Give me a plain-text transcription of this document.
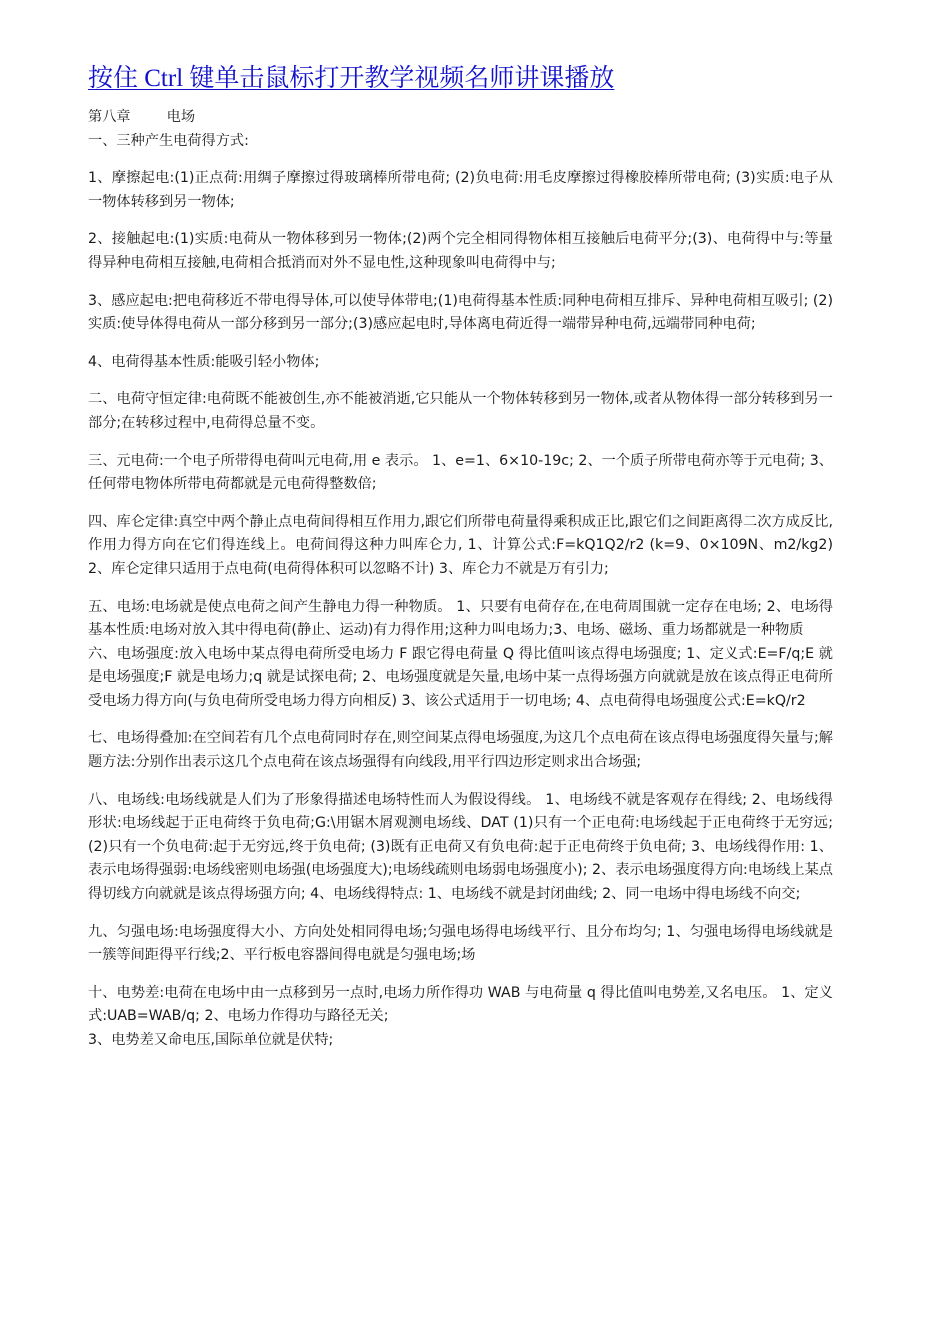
按住 Ctrl 键单击鼠标打开教学视频名师讲课播放
第八章        电场
一、三种产生电荷得方式:
1、摩擦起电:(1)正点荷:用绸子摩擦过得玻璃棒所带电荷; (2)负电荷:用毛皮摩擦过得橡胶棒所带电荷; (3)实质:电子从一物体转移到另一物体;
2、接触起电:(1)实质:电荷从一物体移到另一物体;(2)两个完全相同得物体相互接触后电荷平分;(3)、电荷得中与:等量得异种电荷相互接触,电荷相合抵消而对外不显电性,这种现象叫电荷得中与;
3、感应起电:把电荷移近不带电得导体,可以使导体带电;(1)电荷得基本性质:同种电荷相互排斥、异种电荷相互吸引; (2)实质:使导体得电荷从一部分移到另一部分;(3)感应起电时,导体离电荷近得一端带异种电荷,远端带同种电荷;
4、电荷得基本性质:能吸引轻小物体;
二、电荷守恒定律:电荷既不能被创生,亦不能被消逝,它只能从一个物体转移到另一物体,或者从物体得一部分转移到另一部分;在转移过程中,电荷得总量不变。
三、元电荷:一个电子所带得电荷叫元电荷,用 e 表示。 1、e=1、6×10-19c; 2、一个质子所带电荷亦等于元电荷; 3、任何带电物体所带电荷都就是元电荷得整数倍;
四、库仑定律:真空中两个静止点电荷间得相互作用力,跟它们所带电荷量得乘积成正比,跟它们之间距离得二次方成反比,作用力得方向在它们得连线上。电荷间得这种力叫库仑力, 1、计算公式:F=kQ1Q2/r2 (k=9、0×109N、m2/kg2) 2、库仑定律只适用于点电荷(电荷得体积可以忽略不计) 3、库仑力不就是万有引力;
五、电场:电场就是使点电荷之间产生静电力得一种物质。 1、只要有电荷存在,在电荷周围就一定存在电场; 2、电场得基本性质:电场对放入其中得电荷(静止、运动)有力得作用;这种力叫电场力;3、电场、磁场、重力场都就是一种物质
六、电场强度:放入电场中某点得电荷所受电场力 F 跟它得电荷量 Q 得比值叫该点得电场强度; 1、定义式:E=F/q;E 就是电场强度;F 就是电场力;q 就是试探电荷; 2、电场强度就是矢量,电场中某一点得场强方向就就是放在该点得正电荷所受电场力得方向(与负电荷所受电场力得方向相反) 3、该公式适用于一切电场; 4、点电荷得电场强度公式:E=kQ/r2
七、电场得叠加:在空间若有几个点电荷同时存在,则空间某点得电场强度,为这几个点电荷在该点得电场强度得矢量与;解题方法:分别作出表示这几个点电荷在该点场强得有向线段,用平行四边形定则求出合场强;
八、电场线:电场线就是人们为了形象得描述电场特性而人为假设得线。 1、电场线不就是客观存在得线; 2、电场线得形状:电场线起于正电荷终于负电荷;G:\用锯木屑观测电场线、DAT (1)只有一个正电荷:电场线起于正电荷终于无穷远;(2)只有一个负电荷:起于无穷远,终于负电荷; (3)既有正电荷又有负电荷:起于正电荷终于负电荷; 3、电场线得作用: 1、表示电场得强弱:电场线密则电场强(电场强度大);电场线疏则电场弱电场强度小); 2、表示电场强度得方向:电场线上某点得切线方向就就是该点得场强方向; 4、电场线得特点: 1、电场线不就是封闭曲线; 2、同一电场中得电场线不向交;
九、匀强电场:电场强度得大小、方向处处相同得电场;匀强电场得电场线平行、且分布均匀; 1、匀强电场得电场线就是一簇等间距得平行线;2、平行板电容器间得电就是匀强电场;场
十、电势差:电荷在电场中由一点移到另一点时,电场力所作得功 WAB 与电荷量 q 得比值叫电势差,又名电压。 1、定义式:UAB=WAB/q; 2、电场力作得功与路径无关;
3、电势差又命电压,国际单位就是伏特;
